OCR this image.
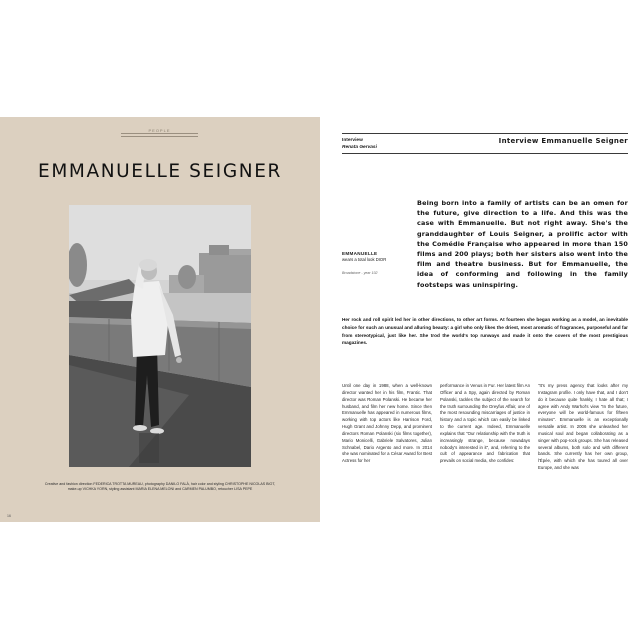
PEOPLE
EMMANUELLE SEIGNER
Creative and fashion direction FEDERICA TROTTA MUREAU, photography DANILO FALÀ, hair color and styling CHRISTOPHE NICOLAS BIOT, make-up VICHKA YORN, styling assistant MARIA ELENA MELONI and CARMEN PALUMBO, retoucher LISA PEPE
16
Interview
Renata Gervasi
Interview Emmanuelle Seigner
EMMANUELLE
wears a total look DIOR
Broadstone - year 102
Being born into a family of artists can be an omen for the future, give direction to a life. And this was the case with Emmanuelle. But not right away. She's the granddaughter of Louis Seigner, a prolific actor with the Comédie Française who appeared in more than 150 films and 200 plays; both her sisters also went into the film and theatre business. But for Emmanuelle, the idea of conforming and following in the family footsteps was uninspiring.
Her rock and roll spirit led her in other directions, to other art forms. At fourteen she began working as a model, an inevitable choice for such an unusual and alluring beauty: a girl who only likes the driest, most aromatic of fragrances, purposeful and far from stereotypical, just like her. She trod the world's top runways and made it onto the covers of the most prestigious magazines.

Until one day in 1988, when a well-known director wanted her in his film, Frantic. That director was Roman Polanski. He became her husband, and film her new home. Since then Emmanuelle has appeared in numerous films, working with top actors like Harrison Ford, Hugh Grant and Johnny Depp, and prominent directors Roman Polanski (six films together), Mario Monicelli, Gabriele Salvatores, Julian Schnabel, Dario Argento and more. In 2014 she was nominated for a César Award for Best Actress for her

performance in Venus in Fur. Her latest film An Officer and a Spy, again directed by Roman Polanski, tackles the subject of the search for the truth surrounding the Dreyfus Affair, one of the most resounding miscarriages of justice in history and a topic which can easily be linked to the current age. Indeed, Emmanuelle explains that "Our relationship with the truth is increasingly strange, because nowadays nobody's interested in it", and, referring to the cult of appearance and fabrication that prevails on social media, she confides:

"It's my press agency that looks after my Instagram profile. I only have that, and I don't do it because quite frankly, I hate all that; I agree with Andy Warhol's view "In the future, everyone will be world-famous for fifteen minutes". Emmanuelle is an exceptionally versatile artist. In 2006 she unleashed her musical soul and began collaborating as a singer with pop-rock groups. She has released several albums, both solo and with different bands. She currently has her own group, l'Épée, with which she has toured all over Europe, and she was
